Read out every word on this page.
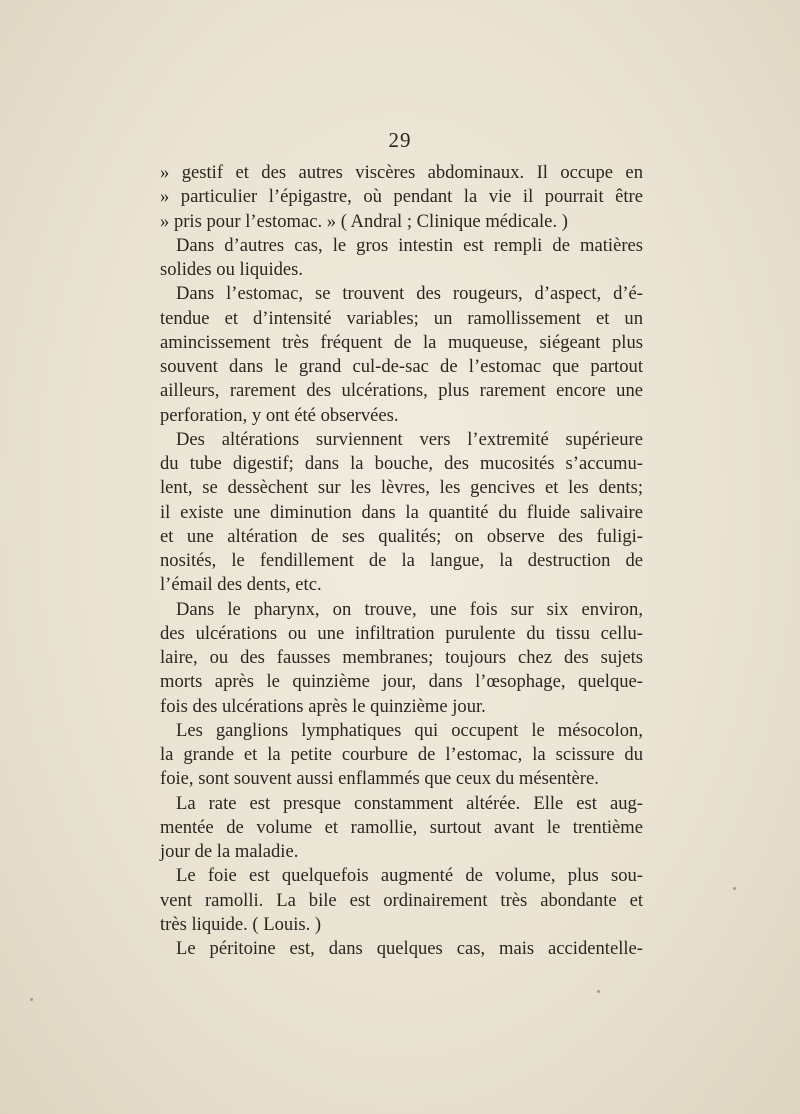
29
» gestif et des autres viscères abdominaux. Il occupe en
» particulier l’épigastre, où pendant la vie il pourrait être
» pris pour l’estomac. » ( Andral ; Clinique médicale. )
Dans d’autres cas, le gros intestin est rempli de matières
solides ou liquides.
Dans l’estomac, se trouvent des rougeurs, d’aspect, d’é-
tendue et d’intensité variables; un ramollissement et un
amincissement très fréquent de la muqueuse, siégeant plus
souvent dans le grand cul-de-sac de l’estomac que partout
ailleurs, rarement des ulcérations, plus rarement encore une
perforation, y ont été observées.
Des altérations surviennent vers l’extremité supérieure
du tube digestif; dans la bouche, des mucosités s’accumu-
lent, se dessèchent sur les lèvres, les gencives et les dents;
il existe une diminution dans la quantité du fluide salivaire
et une altération de ses qualités; on observe des fuligi-
nosités, le fendillement de la langue, la destruction de
l’émail des dents, etc.
Dans le pharynx, on trouve, une fois sur six environ,
des ulcérations ou une infiltration purulente du tissu cellu-
laire, ou des fausses membranes; toujours chez des sujets
morts après le quinzième jour, dans l’œsophage, quelque-
fois des ulcérations après le quinzième jour.
Les ganglions lymphatiques qui occupent le mésocolon,
la grande et la petite courbure de l’estomac, la scissure du
foie, sont souvent aussi enflammés que ceux du mésentère.
La rate est presque constamment altérée. Elle est aug-
mentée de volume et ramollie, surtout avant le trentième
jour de la maladie.
Le foie est quelquefois augmenté de volume, plus sou-
vent ramolli. La bile est ordinairement très abondante et
très liquide. ( Louis. )
Le péritoine est, dans quelques cas, mais accidentelle-
